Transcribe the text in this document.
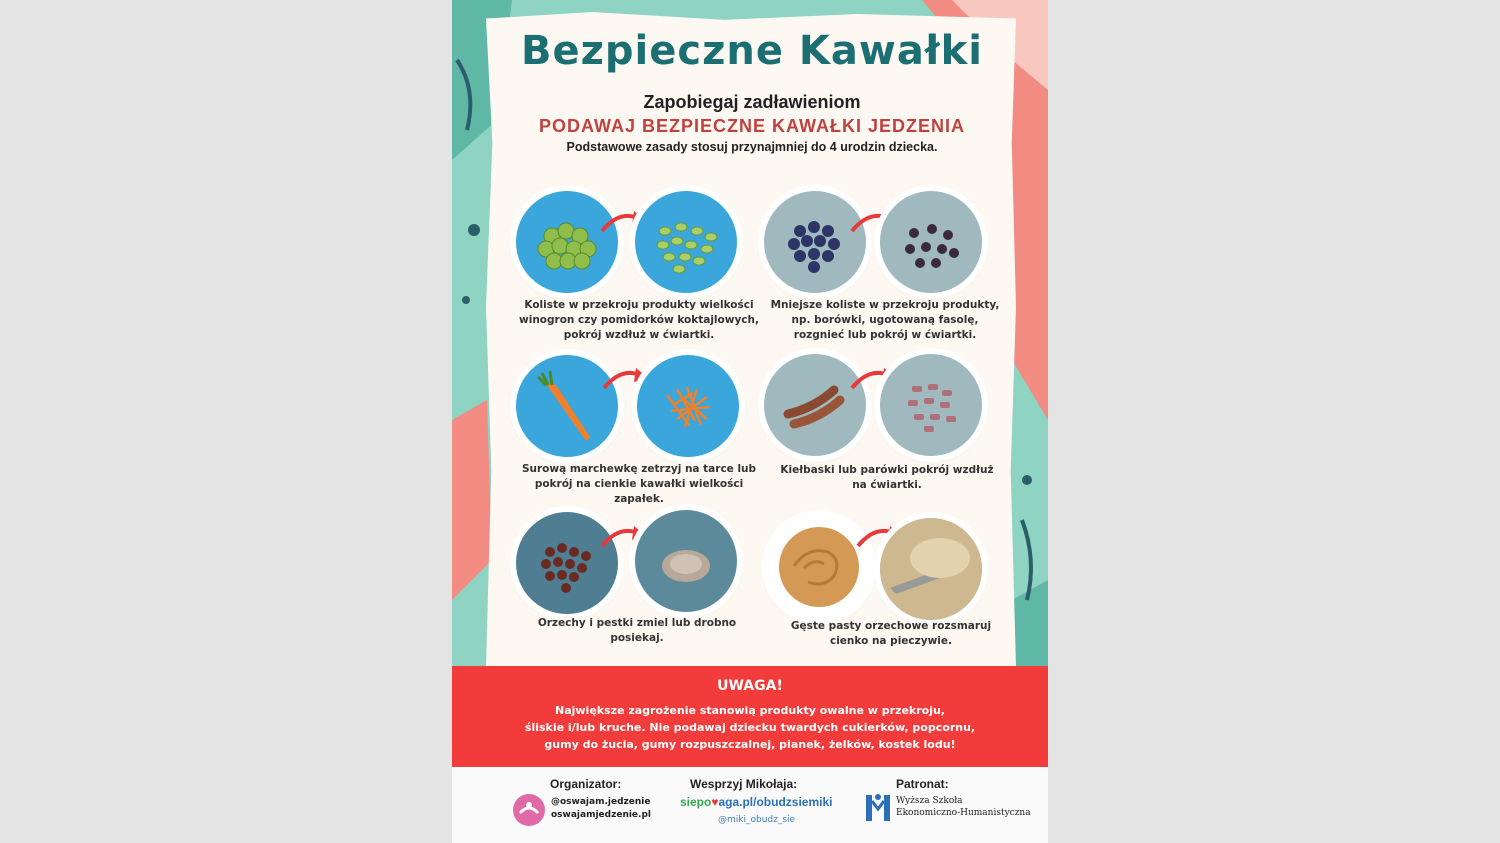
Bezpieczne Kawałki
Zapobiegaj zadławieniom
PODAWAJ BEZPIECZNE KAWAŁKI JEDZENIA
Podstawowe zasady stosuj przynajmniej do 4 urodzin dziecka.
Koliste w przekroju produkty wielkości
winogron czy pomidorków koktajlowych,
pokrój wzdłuż w ćwiartki.
Mniejsze koliste w przekroju produkty,
np. borówki, ugotowaną fasolę,
rozgnieć lub pokrój w ćwiartki.
Surową marchewkę zetrzyj na tarce lub
pokrój na cienkie kawałki wielkości
zapałek.
Kiełbaski lub parówki pokrój wzdłuż
na ćwiartki.
Orzechy i pestki zmiel lub drobno posiekaj.
Gęste pasty orzechowe rozsmaruj
cienko na pieczywie.
UWAGA!
Największe zagrożenie stanowią produkty owalne w przekroju,
śliskie i/lub kruche. Nie podawaj dziecku twardych cukierków, popcornu,
gumy do żucia, gumy rozpuszczalnej, pianek, żelków, kostek lodu!
Organizator:
@oswajam.jedzenie
oswajamjedzenie.pl
Wesprzyj Mikołaja:
siepo♥aga.pl/obudzsiemiki
@miki_obudz_sie
Patronat:
Wyższa Szkoła
Ekonomiczno-Humanistyczna
